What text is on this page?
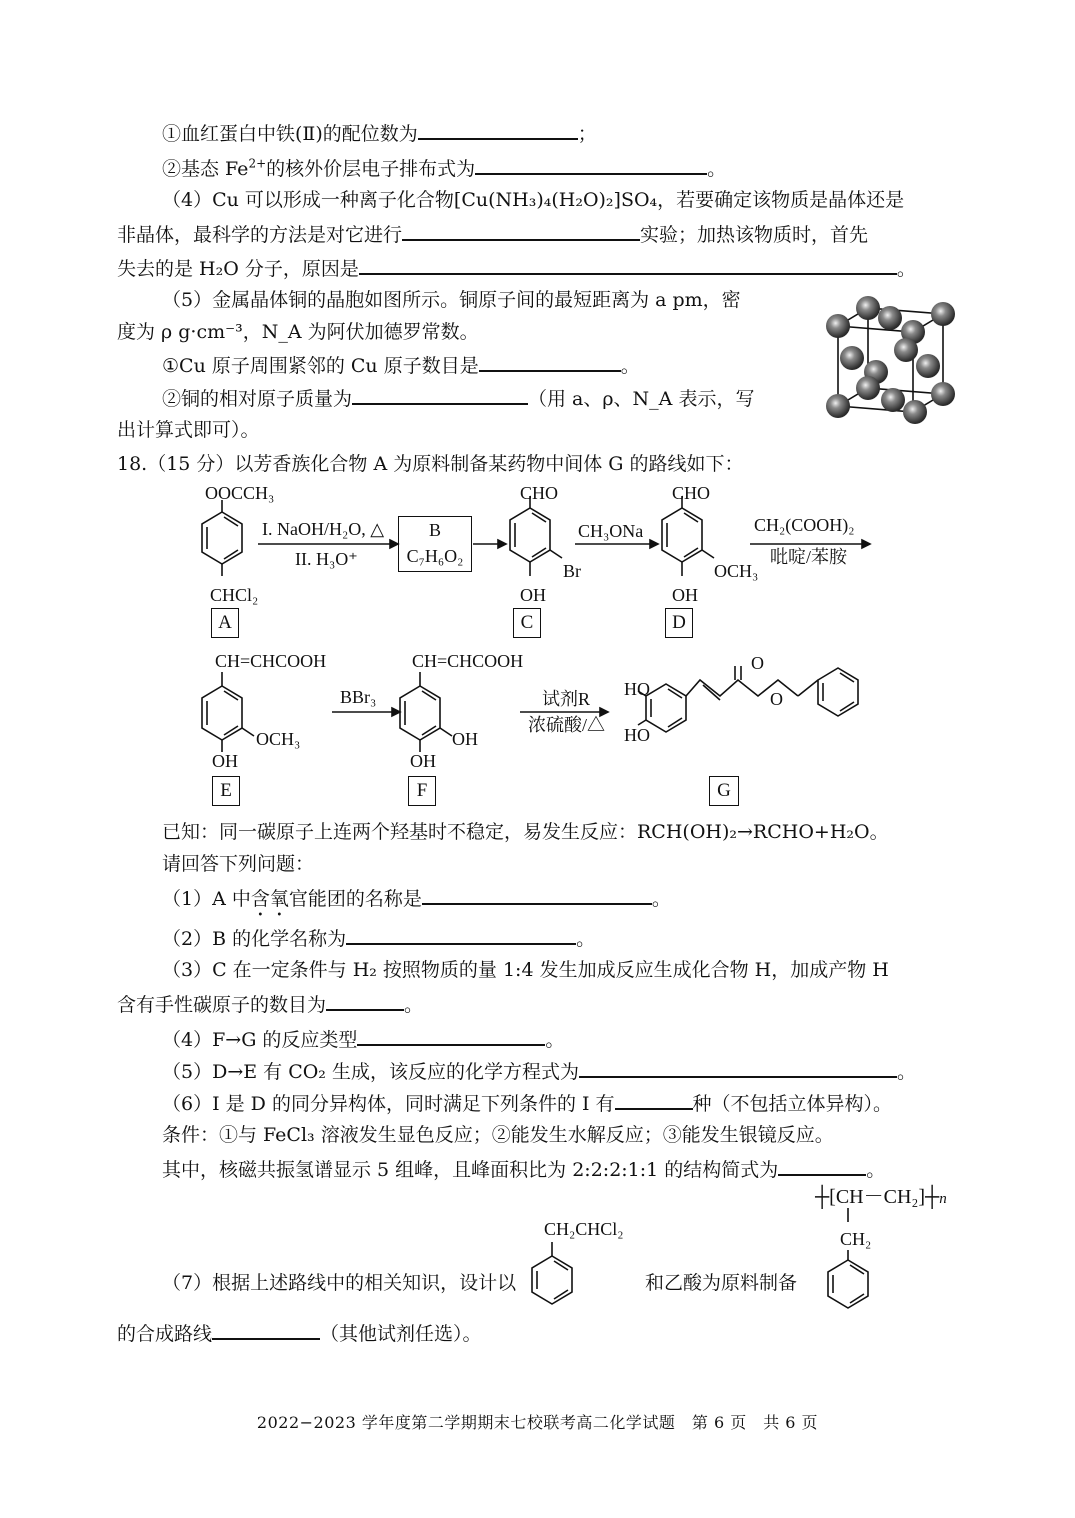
①血红蛋白中铁(Ⅱ)的配位数为	；
②基态 $Fe^{2+}$的核外价层电子排布式为	。
（4）Cu 可以形成一种离子化合物[Cu(NH₃)₄(H₂O)₂]SO₄，若要确定该物质是晶体还是
非晶体，最科学的方法是对它进行	实验；加热该物质时，首先
失去的是 H₂O 分子，原因是	。
（5）金属晶体铜的晶胞如图所示。铜原子间的最短距离为 a pm，密
度为 ρ g·cm⁻³，N_A 为阿伏加德罗常数。
①Cu 原子周围紧邻的 Cu 原子数目是	。
②铜的相对原子质量为	（用 a、ρ、N_A 表示，写
出计算式即可）。
18.（15 分）以芳香族化合物 A 为原料制备某药物中间体 G 的路线如下：
OOCCH₃
CHCl₂
A
I. NaOH/H₂O, △
II. H₃O⁺
B
C₇H₆O₂
CHO
Br
OH
C
CH₃ONa
CHO
OCH₃
OH
D
CH₂(COOH)₂
吡啶/苯胺
CH=CHCOOH
OCH₃
OH
E
BBr₃
CH=CHCOOH
OH
OH
F
试剂R
浓硫酸/△
HO
HO
O
O
G
已知：同一碳原子上连两个羟基时不稳定，易发生反应：RCH(OH)₂→RCHO+H₂O。
请回答下列问题：
（1）A 中含氧官能团的名称是	。
（2）B 的化学名称为	。
（3）C 在一定条件与 H₂ 按照物质的量 1:4 发生加成反应生成化合物 H，加成产物 H
含有手性碳原子的数目为	。
（4）F→G 的反应类型	。
（5）D→E 有 CO₂ 生成，该反应的化学方程式为	。
（6）I 是 D 的同分异构体，同时满足下列条件的 I 有	种（不包括立体异构）。
条件：①与 FeCl₃ 溶液发生显色反应；②能发生水解反应；③能发生银镜反应。
其中，核磁共振氢谱显示 5 组峰，且峰面积比为 2:2:2:1:1 的结构简式为	。
（7）根据上述路线中的相关知识，设计以
CH₂CHCl₂
和乙酸为原料制备
┼[CH－CH₂]┼n
CH₂
的合成路线	（其他试剂任选）。
2022−2023 学年度第二学期期末七校联考高二化学试题　第 6 页　共 6 页
